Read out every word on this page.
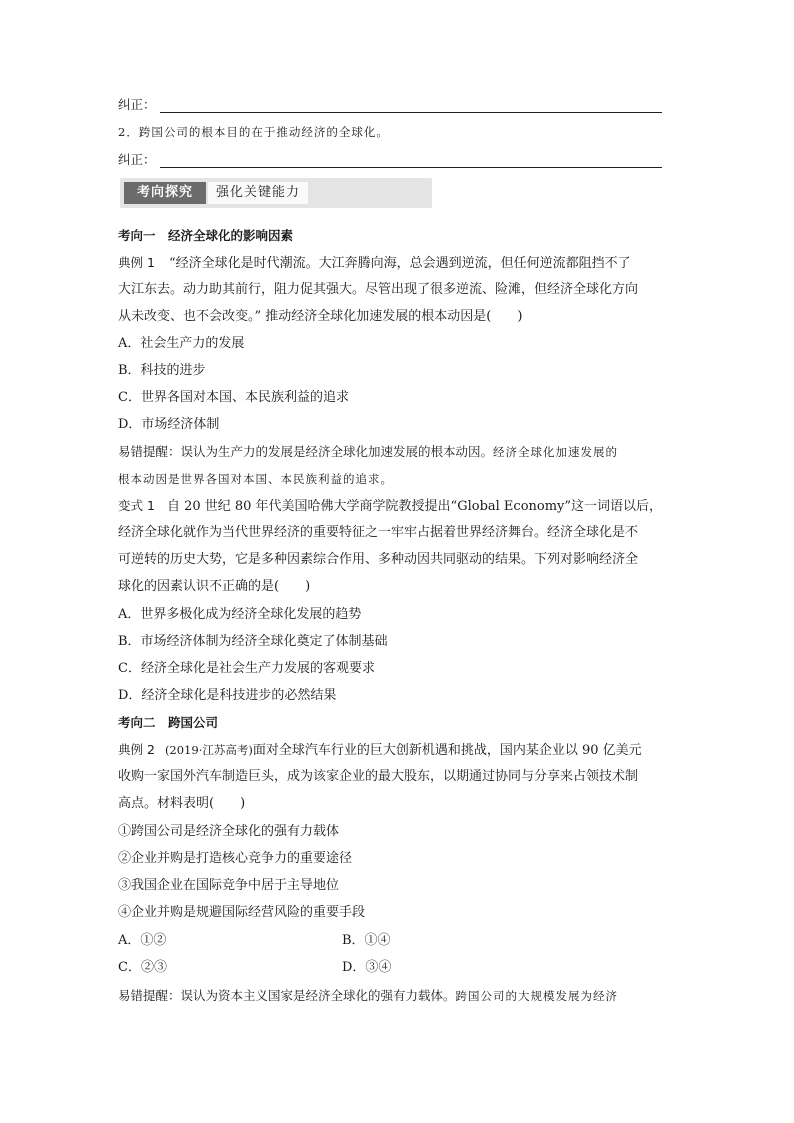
纠正：
2．跨国公司的根本目的在于推动经济的全球化。
纠正：
考向探究	强化关键能力
考向一　经济全球化的影响因素
典例 1 “经济全球化是时代潮流。大江奔腾向海，总会遇到逆流，但任何逆流都阻挡不了
大江东去。动力助其前行，阻力促其强大。尽管出现了很多逆流、险滩，但经济全球化方向
从未改变、也不会改变。” 推动经济全球化加速发展的根本动因是(　　)
A．社会生产力的发展
B．科技的进步
C．世界各国对本国、本民族利益的追求
D．市场经济体制
易错提醒：误认为生产力的发展是经济全球化加速发展的根本动因。经济全球化加速发展的
根本动因是世界各国对本国、本民族利益的追求。
变式 1 自 20 世纪 80 年代美国哈佛大学商学院教授提出“Global Economy”这一词语以后，
经济全球化就作为当代世界经济的重要特征之一牢牢占据着世界经济舞台。经济全球化是不
可逆转的历史大势，它是多种因素综合作用、多种动因共同驱动的结果。下列对影响经济全
球化的因素认识不正确的是(　　)
A．世界多极化成为经济全球化发展的趋势
B．市场经济体制为经济全球化奠定了体制基础
C．经济全球化是社会生产力发展的客观要求
D．经济全球化是科技进步的必然结果
考向二　跨国公司
典例 2 (2019·江苏高考)面对全球汽车行业的巨大创新机遇和挑战，国内某企业以 90 亿美元
收购一家国外汽车制造巨头，成为该家企业的最大股东，以期通过协同与分享来占领技术制
高点。材料表明(　　)
①跨国公司是经济全球化的强有力载体
②企业并购是打造核心竞争力的重要途径
③我国企业在国际竞争中居于主导地位
④企业并购是规避国际经营风险的重要手段
A．①②	B．①④
C．②③	D．③④
易错提醒：误认为资本主义国家是经济全球化的强有力载体。跨国公司的大规模发展为经济
